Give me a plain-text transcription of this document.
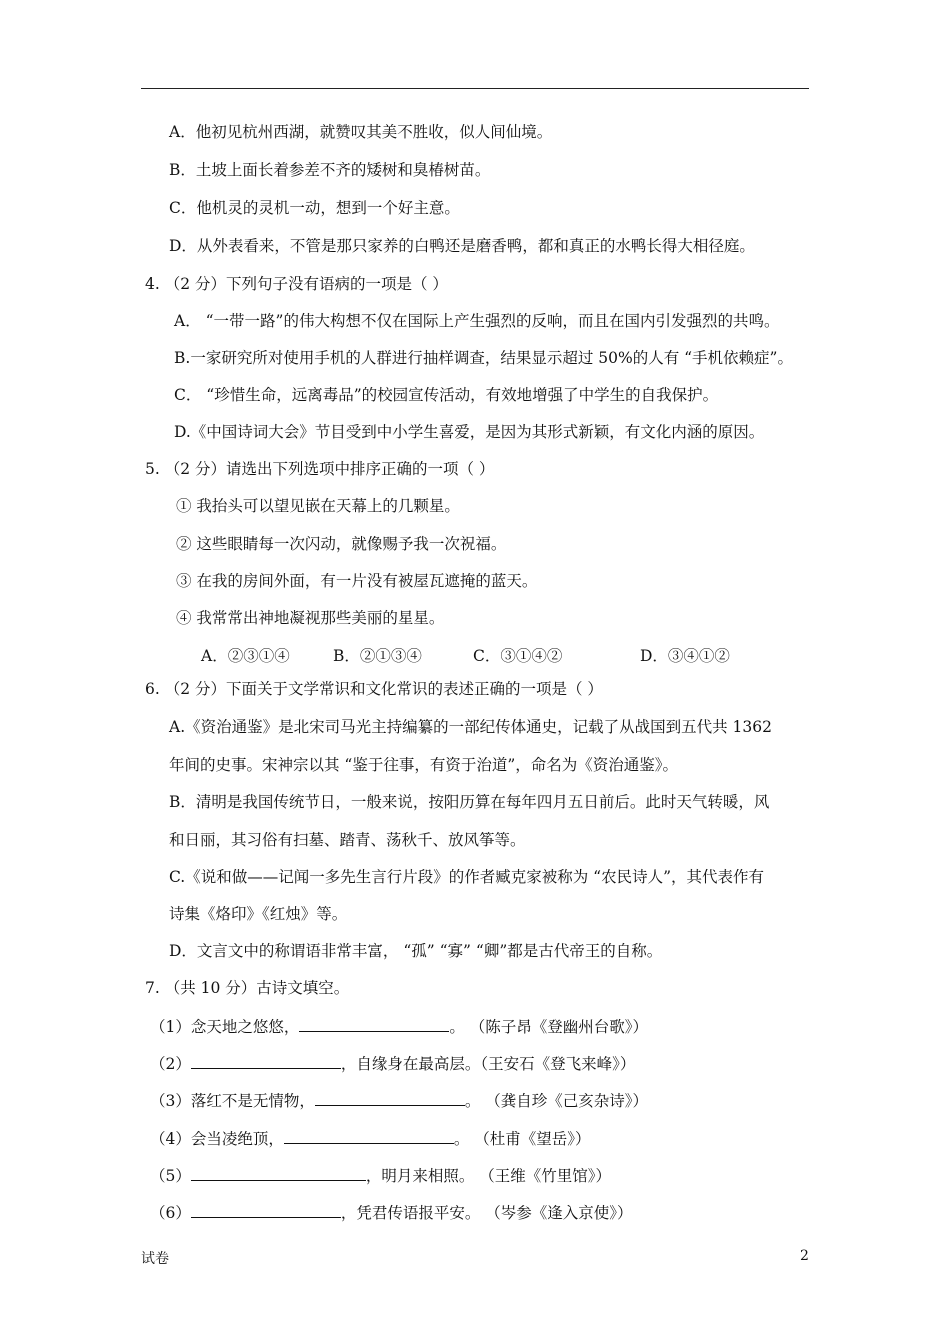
A．他初见杭州西湖，就赞叹其美不胜收，似人间仙境。
B．土坡上面长着参差不齐的矮树和臭椿树苗。
C．他机灵的灵机一动，想到一个好主意。
D．从外表看来，不管是那只家养的白鸭还是磨香鸭，都和真正的水鸭长得大相径庭。
4. （2 分）下列句子没有语病的一项是（ ）
A． “一带一路”的伟大构想不仅在国际上产生强烈的反响，而且在国内引发强烈的共鸣。
B.一家研究所对使用手机的人群进行抽样调查，结果显示超过 50%的人有 “手机依赖症”。
C． “珍惜生命，远离毒品”的校园宣传活动，有效地增强了中学生的自我保护。
D.《中国诗词大会》节目受到中小学生喜爱，是因为其形式新颖，有文化内涵的原因。
5. （2 分）请选出下列选项中排序正确的一项（ ）
① 我抬头可以望见嵌在天幕上的几颗星。
② 这些眼睛每一次闪动，就像赐予我一次祝福。
③ 在我的房间外面，有一片没有被屋瓦遮掩的蓝天。
④ 我常常出神地凝视那些美丽的星星。
A．②③①④	B．②①③④	C．③①④②	D．③④①②
6. （2 分）下面关于文学常识和文化常识的表述正确的一项是（ ）
A.《资治通鉴》是北宋司马光主持编纂的一部纪传体通史，记载了从战国到五代共 1362
年间的史事。宋神宗以其 “鉴于往事，有资于治道”，命名为《资治通鉴》。
B．清明是我国传统节日，一般来说，按阳历算在每年四月五日前后。此时天气转暖，风
和日丽，其习俗有扫墓、踏青、荡秋千、放风筝等。
C.《说和做——记闻一多先生言行片段》的作者臧克家被称为 “农民诗人”，其代表作有
诗集《烙印》《红烛》等。
D．文言文中的称谓语非常丰富， “孤” “寡” “卿”都是古代帝王的自称。
7. （共 10 分）古诗文填空。
（1）念天地之悠悠，	。 （陈子昂《登幽州台歌》）
（2）	，自缘身在最高层。（王安石《登飞来峰》）
（3）落红不是无情物，	。 （龚自珍《己亥杂诗》）
（4）会当凌绝顶，	。 （杜甫《望岳》）
（5）	，明月来相照。 （王维《竹里馆》）
（6）	，凭君传语报平安。 （岑参《逢入京使》）
试卷	2
